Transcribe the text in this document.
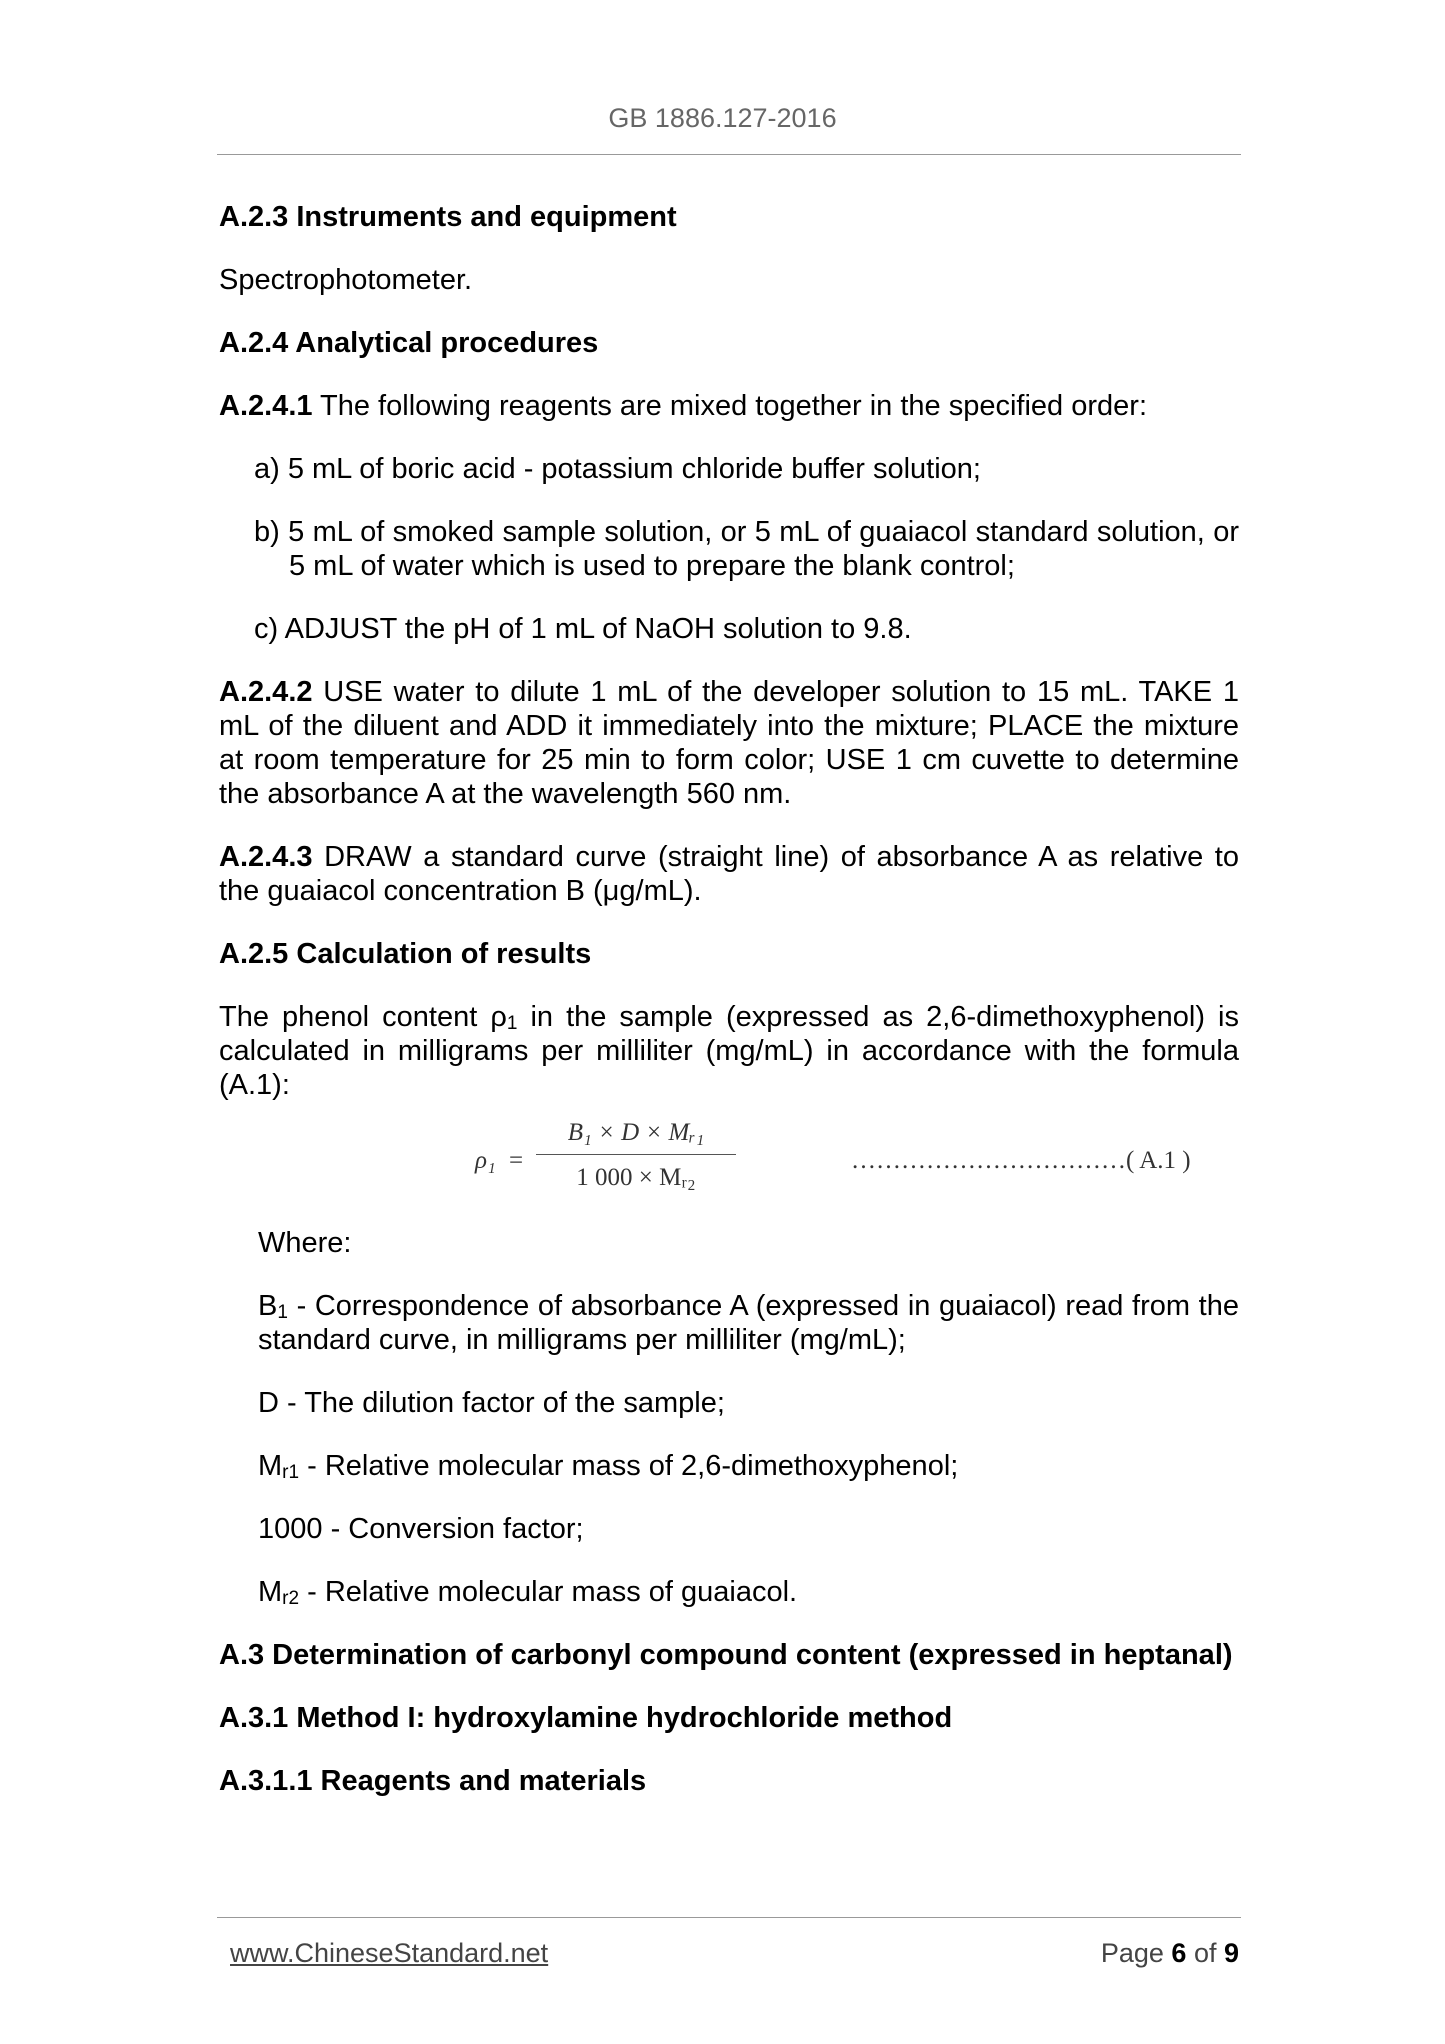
GB 1886.127-2016

A.2.3 Instruments and equipment

Spectrophotometer.

A.2.4 Analytical procedures

A.2.4.1 The following reagents are mixed together in the specified order:

a) 5 mL of boric acid - potassium chloride buffer solution;

b) 5 mL of smoked sample solution, or 5 mL of guaiacol standard solution, or 5 mL of water which is used to prepare the blank control;

c) ADJUST the pH of 1 mL of NaOH solution to 9.8.

A.2.4.2 USE water to dilute 1 mL of the developer solution to 15 mL. TAKE 1 mL of the diluent and ADD it immediately into the mixture; PLACE the mixture at room temperature for 25 min to form color; USE 1 cm cuvette to determine the absorbance A at the wavelength 560 nm.

A.2.4.3 DRAW a standard curve (straight line) of absorbance A as relative to the guaiacol concentration B (μg/mL).

A.2.5 Calculation of results

The phenol content $\rho_1$ in the sample (expressed as 2,6-dimethoxyphenol) is calculated in milligrams per milliliter (mg/mL) in accordance with the formula (A.1):

$\rho_1 = \frac{\text{B₁ × D × Mᵣ₁}}{\text{1 000 × Mᵣ₂}}$	……………………………( A.1 )

Where:

$B_1$ - Correspondence of absorbance A (expressed in guaiacol) read from the standard curve, in milligrams per milliliter (mg/mL);

D - The dilution factor of the sample;

$M_{r1}$ - Relative molecular mass of 2,6-dimethoxyphenol;

1000 - Conversion factor;

$M_{r2}$ - Relative molecular mass of guaiacol.

A.3 Determination of carbonyl compound content (expressed in heptanal)

A.3.1 Method I: hydroxylamine hydrochloride method

A.3.1.1 Reagents and materials

www.ChineseStandard.net	Page 6 of 9
